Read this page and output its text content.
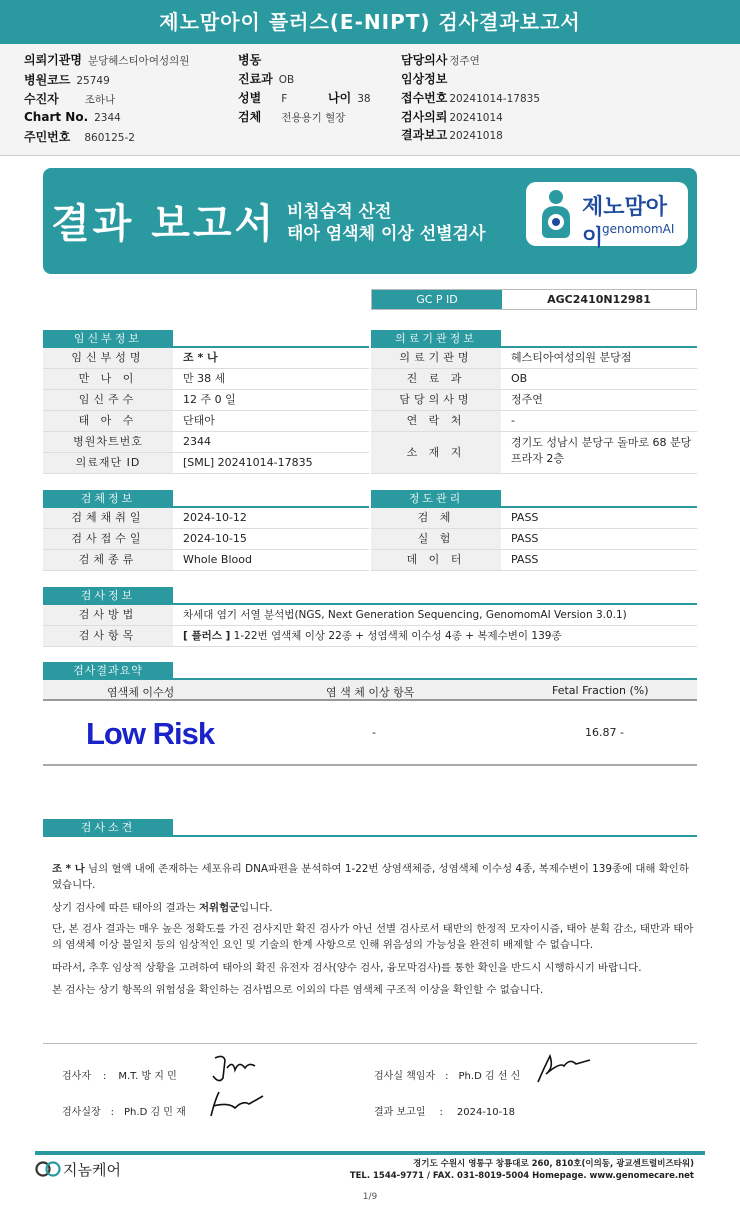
제노맘아이 플러스(E-NIPT) 검사결과보고서
의뢰기관명 분당헤스티아여성의원
병원코드 25749
수진자 조하나
Chart No. 2344
주민번호 860125-2
병동
진료과 OB
성별 F	나이 38
검체 전용용기 혈장
담당의사 정주연
임상정보
접수번호 20241014-17835
검사의뢰 20241014
결과보고 20241018
결과 보고서 비침습적 산전
태아 염색체 이상 선별검사
제노맘아이
genomomAI
GC P ID	AGC2410N12981
임신부정보
임신부성명	조 * 나
만 나 이	만 38 세
임신주수	12 주 0 일
태 아 수	단태아
병원차트번호	2344
의료재단 ID	[SML] 20241014-17835
의료기관정보
의료기관명	헤스티아여성의원 분당점
진 료 과	OB
담당의사명	정주연
연 락 처	-
소 재 지
경기도 성남시 분당구 돌마로 68 분당
프라자 2층
검체정보
검체채취일	2024-10-12
검사접수일	2024-10-15
검체종류	Whole Blood
정도관리
검 체	PASS
실 험	PASS
데 이 터	PASS
검사정보
검사방법	차세대 염기 서열 분석법(NGS, Next Generation Sequencing, GenomomAI Version 3.0.1)
검사항목	[ 플러스 ] 1-22번 염색체 이상 22종 + 성염색체 이수성 4종 + 복제수변이 139종
검사결과요약
염색체 이수성	염 색 체 이상 항목	Fetal Fraction (%)
Low Risk	-	16.87 -
검사소견
조 * 나 님의 혈액 내에 존재하는 세포유리 DNA파편을 분석하여 1-22번 상염색체증, 성염색체 이수성 4종, 복제수변이 139종에 대해 확인하였습니다.
상기 검사에 따른 태아의 결과는 저위험군입니다.
단, 본 검사 결과는 매우 높은 정확도를 가진 검사지만 확진 검사가 아닌 선별 검사로서 태반의 한정적 모자이시즘, 태아 분획 감소, 태반과 태아의 염색체 이상 불일치 등의 임상적인 요인 및 기술의 한계 사항으로 인해 위음성의 가능성을 완전히 배제할 수 없습니다.
따라서, 추후 임상적 상황을 고려하여 태아의 확진 유전자 검사(양수 검사, 융모막검사)를 통한 확인을 반드시 시행하시기 바랍니다.
본 검사는 상기 항목의 위험성을 확인하는 검사법으로 이외의 다른 염색체 구조적 이상을 확인할 수 없습니다.
검사자 : M.T. 방 지 민	검사실 책임자 : Ph.D 김 선 신
검사실장 : Ph.D 김 민 재	결과 보고일 : 2024-10-18
지놈케어	경기도 수원시 영통구 창룡대로 260, 810호(이의동, 광교센트럴비즈타워)
TEL. 1544-9771 / FAX. 031-8019-5004 Homepage. www.genomecare.net
1/9
